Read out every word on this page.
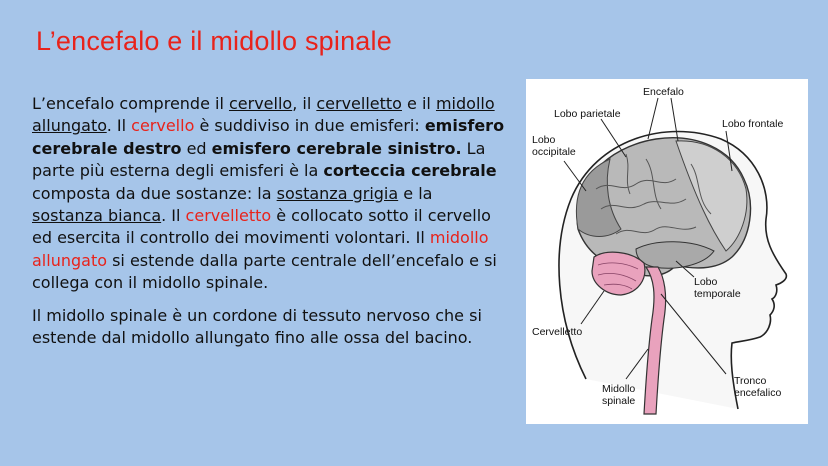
L’encefalo e il midollo spinale

L’encefalo comprende il cervello, il cervelletto e il midollo allungato. Il cervello è suddiviso in due emisferi: emisfero cerebrale destro ed emisfero cerebrale sinistro. La parte più esterna degli emisferi è la corteccia cerebrale composta da due sostanze: la sostanza grigia e la sostanza bianca. Il cervelletto è collocato sotto il cervello ed esercita il controllo dei movimenti volontari. Il midollo allungato si estende dalla parte centrale dell’encefalo e si collega con il midollo spinale.

Il midollo spinale è un cordone di tessuto nervoso che si estende dal midollo allungato fino alle ossa del bacino.

Encefalo
Lobo parietale
Lobo
occipitale
Lobo frontale
Lobo
temporale
Cervelletto
Midollo
spinale
Tronco
encefalico
